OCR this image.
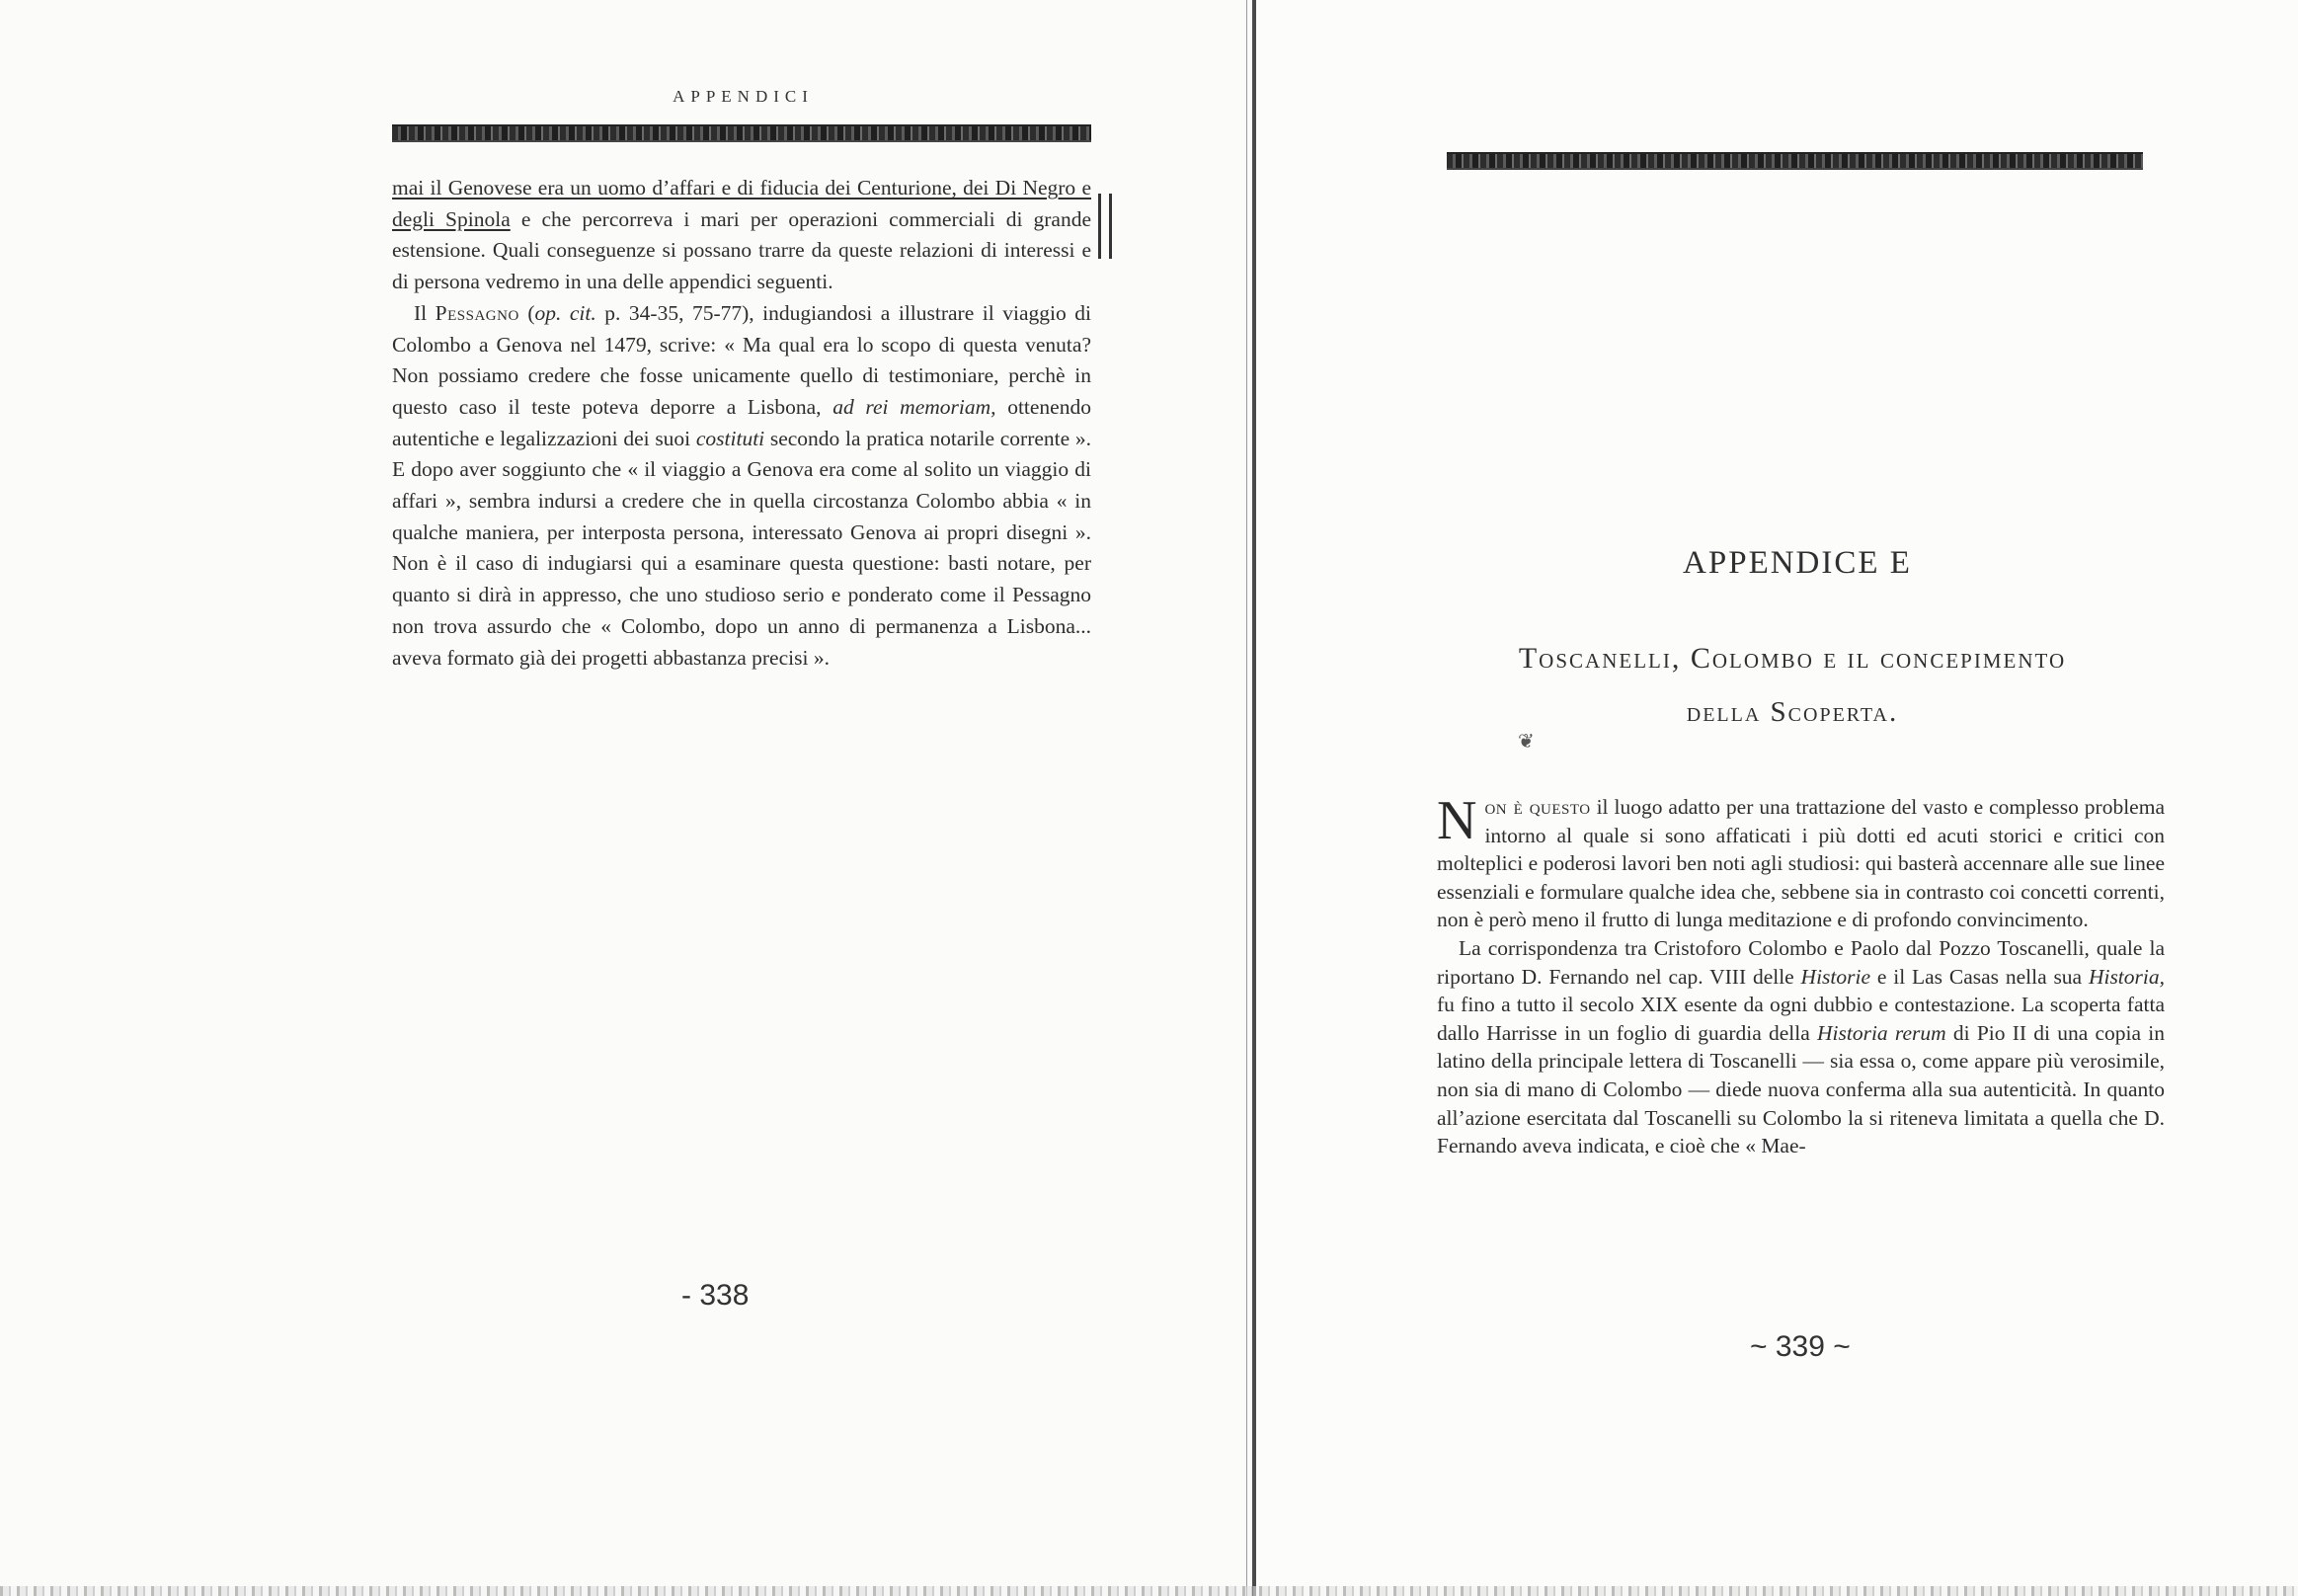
APPENDICI

mai il Genovese era un uomo d’affari e di fiducia dei Centurione, dei Di Negro e degli Spinola e che percorreva i mari per operazioni commerciali di grande estensione. Quali conseguenze si possano trarre da queste relazioni di interessi e di persona vedremo in una delle appendici seguenti.

Il Pessagno (op. cit. p. 34-35, 75-77), indugiandosi a illustrare il viaggio di Colombo a Genova nel 1479, scrive: « Ma qual era lo scopo di questa venuta? Non possiamo credere che fosse unicamente quello di testimoniare, perchè in questo caso il teste poteva deporre a Lisbona, ad rei memoriam, ottenendo autentiche e legalizzazioni dei suoi costituti secondo la pratica notarile corrente ». E dopo aver soggiunto che « il viaggio a Genova era come al solito un viaggio di affari », sembra indursi a credere che in quella circostanza Colombo abbia « in qualche maniera, per interposta persona, interessato Genova ai propri disegni ». Non è il caso di indugiarsi qui a esaminare questa questione: basti notare, per quanto si dirà in appresso, che uno studioso serio e ponderato come il Pessagno non trova assurdo che « Colombo, dopo un anno di permanenza a Lisbona... aveva formato già dei progetti abbastanza precisi ».

- 338
APPENDICE E
Toscanelli, Colombo e il concepimento
della Scoperta.
❦

Non è questo il luogo adatto per una trattazione del vasto e complesso problema intorno al quale si sono affaticati i più dotti ed acuti storici e critici con molteplici e poderosi lavori ben noti agli studiosi: qui basterà accennare alle sue linee essenziali e formulare qualche idea che, sebbene sia in contrasto coi concetti correnti, non è però meno il frutto di lunga meditazione e di profondo convincimento.

La corrispondenza tra Cristoforo Colombo e Paolo dal Pozzo Toscanelli, quale la riportano D. Fernando nel cap. VIII delle Historie e il Las Casas nella sua Historia, fu fino a tutto il secolo XIX esente da ogni dubbio e contestazione. La scoperta fatta dallo Harrisse in un foglio di guardia della Historia rerum di Pio II di una copia in latino della principale lettera di Toscanelli — sia essa o, come appare più verosimile, non sia di mano di Colombo — diede nuova conferma alla sua autenticità. In quanto all’azione esercitata dal Toscanelli su Colombo la si riteneva limitata a quella che D. Fernando aveva indicata, e cioè che « Mae-

~ 339 ~
